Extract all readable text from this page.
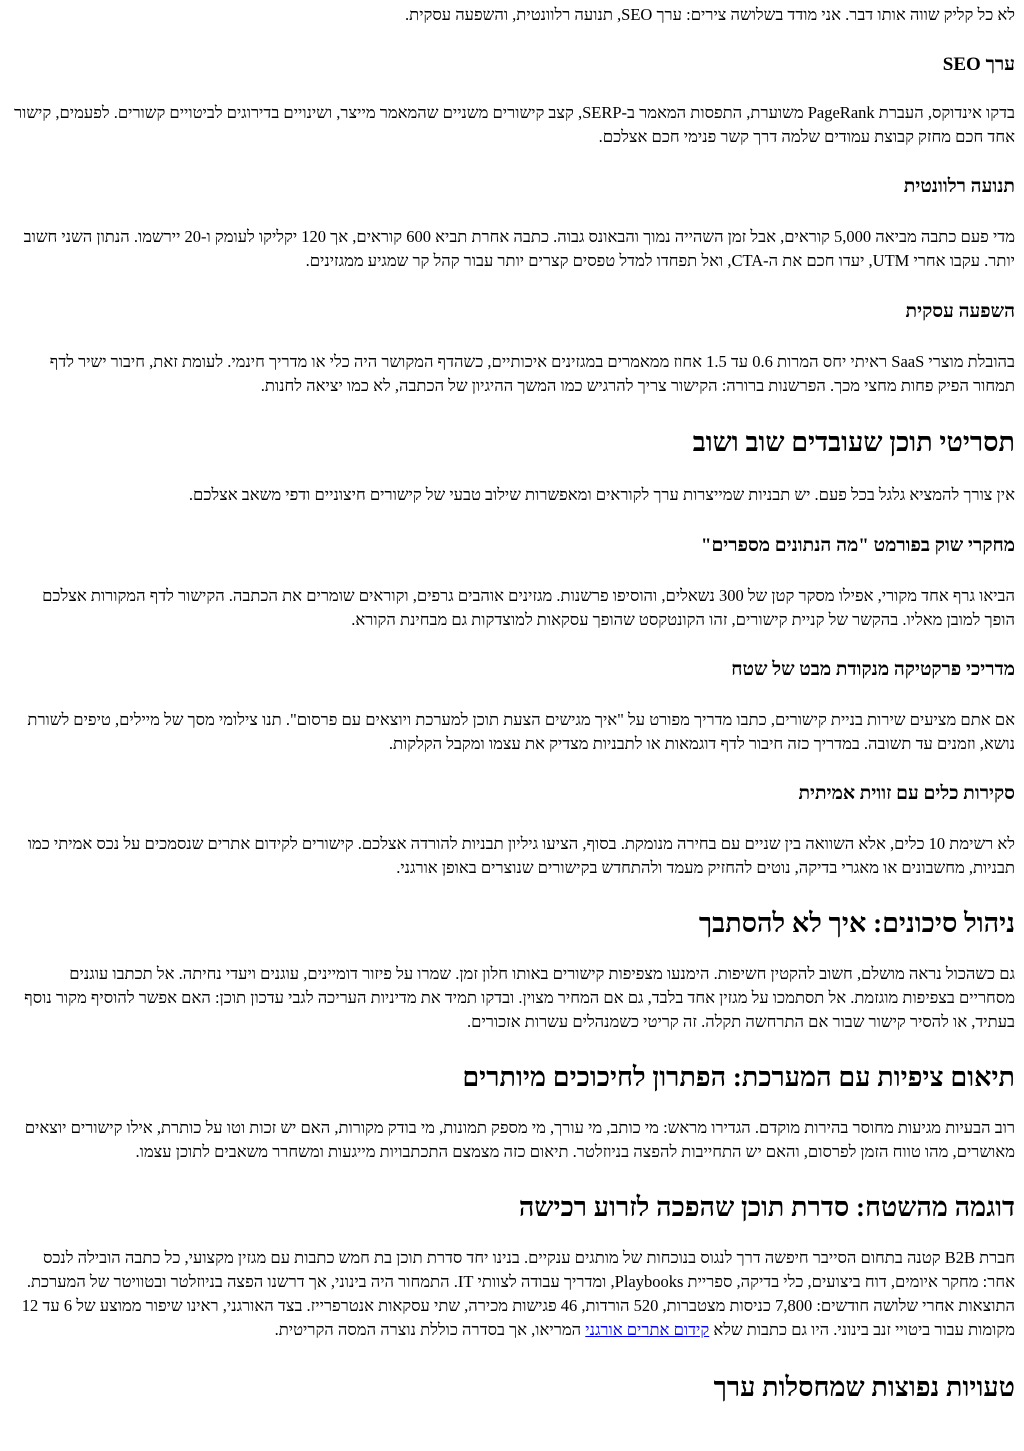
לא כל קליק שווה אותו דבר. אני מודד בשלושה צירים: ערך SEO, תנועה רלוונטית, והשפעה עסקית.

ערך SEO

בדקו אינדוקס, העברת PageRank משוערת, התפסות המאמר ב-SERP, קצב קישורים משניים שהמאמר מייצר, ושינויים בדירוגים לביטויים קשורים. לפעמים, קישור אחד חכם מחזק קבוצת עמודים שלמה דרך קשר פנימי חכם אצלכם.

תנועה רלוונטית

מדי פעם כתבה מביאה 5,000 קוראים, אבל זמן השהייה נמוך והבאונס גבוה. כתבה אחרת תביא 600 קוראים, אך 120 יקליקו לעומק ו-20 יירשמו. הנתון השני חשוב יותר. עקבו אחרי UTM, יעדו חכם את ה-CTA, ואל תפחדו למדל טפסים קצרים יותר עבור קהל קר שמגיע ממגזינים.

השפעה עסקית

בהובלת מוצרי SaaS ראיתי יחס המרות 0.6 עד 1.5 אחוז ממאמרים במגזינים איכותיים, כשהדף המקושר היה כלי או מדריך חינמי. לעומת זאת, חיבור ישיר לדף תמחור הפיק פחות מחצי מכך. הפרשנות ברורה: הקישור צריך להרגיש כמו המשך ההיגיון של הכתבה, לא כמו יציאה לחנות.

תסריטי תוכן שעובדים שוב ושוב

אין צורך להמציא גלגל בכל פעם. יש תבניות שמייצרות ערך לקוראים ומאפשרות שילוב טבעי של קישורים חיצוניים ודפי משאב אצלכם.

מחקרי שוק בפורמט "מה הנתונים מספרים"

הביאו גרף אחד מקורי, אפילו מסקר קטן של 300 נשאלים, והוסיפו פרשנות. מגזינים אוהבים גרפים, וקוראים שומרים את הכתבה. הקישור לדף המקורות אצלכם הופך למובן מאליו. בהקשר של קניית קישורים, זהו הקונטקסט שהופך עסקאות למוצדקות גם מבחינת הקורא.

מדריכי פרקטיקה מנקודת מבט של שטח

אם אתם מציעים שירות בניית קישורים, כתבו מדריך מפורט על "איך מגישים הצעת תוכן למערכת ויוצאים עם פרסום". תנו צילומי מסך של מיילים, טיפים לשורת נושא, וזמנים עד תשובה. במדריך כזה חיבור לדף דוגמאות או לתבניות מצדיק את עצמו ומקבל הקלקות.

סקירות כלים עם זווית אמיתית

לא רשימת 10 כלים, אלא השוואה בין שניים עם בחירה מנומקת. בסוף, הציעו גיליון תבניות להורדה אצלכם. קישורים לקידום אתרים שנסמכים על נכס אמיתי כמו תבניות, מחשבונים או מאגרי בדיקה, נוטים להחזיק מעמד ולהתחדש בקישורים שנוצרים באופן אורגני.

ניהול סיכונים: איך לא להסתבך

גם כשהכול נראה מושלם, חשוב להקטין חשיפות. הימנעו מצפיפות קישורים באותו חלון זמן. שמרו על פיזור דומיינים, עוגנים ויעדי נחיתה. אל תכתבו עוגנים מסחריים בצפיפות מוגזמת. אל תסתמכו על מגזין אחד בלבד, גם אם המחיר מצוין. ובדקו תמיד את מדיניות העריכה לגבי עדכון תוכן: האם אפשר להוסיף מקור נוסף בעתיד, או להסיר קישור שבור אם התרחשה תקלה. זה קריטי כשמנהלים עשרות אזכורים.

תיאום ציפיות עם המערכת: הפתרון לחיכוכים מיותרים

רוב הבעיות מגיעות מחוסר בהירות מוקדם. הגדירו מראש: מי כותב, מי עורך, מי מספק תמונות, מי בודק מקורות, האם יש זכות וטו על כותרת, אילו קישורים יוצאים מאושרים, מהו טווח הזמן לפרסום, והאם יש התחייבות להפצה בניוזלטר. תיאום כזה מצמצם התכתבויות מייגעות ומשחרר משאבים לתוכן עצמו.

דוגמה מהשטח: סדרת תוכן שהפכה לזרוע רכישה

חברת B2B קטנה בתחום הסייבר חיפשה דרך לנגוס בנוכחות של מותגים ענקיים. בנינו יחד סדרת תוכן בת חמש כתבות עם מגזין מקצועי, כל כתבה הובילה לנכס אחר: מחקר איומים, דוח ביצועים, כלי בדיקה, ספריית Playbooks, ומדריך עבודה לצוותי IT. התמחור היה בינוני, אך דרשנו הפצה בניוזלטר ובטוויטר של המערכת. התוצאות אחרי שלושה חודשים: 7,800 כניסות מצטברות, 520 הורדות, 46 פגישות מכירה, שתי עסקאות אנטרפרייז. בצד האורגני, ראינו שיפור ממוצע של 6 עד 12 מקומות עבור ביטויי זנב בינוני. היו גם כתבות שלא קידום אתרים אורגני המריאו, אך בסדרה כוללת נוצרה המסה הקריטית.

טעויות נפוצות שמחסלות ערך
